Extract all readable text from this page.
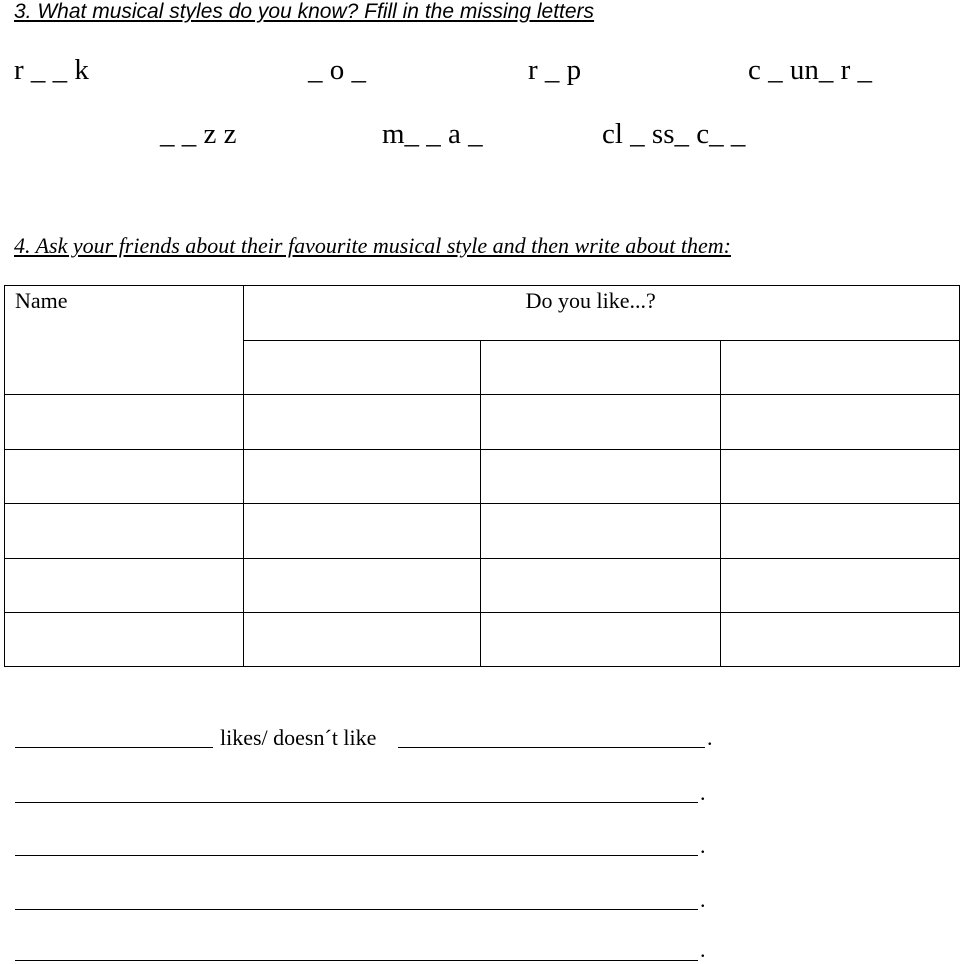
3. What musical styles do you know? Ffill in the missing letters
r _ _ k	_ o _	r _ p	c _ un_ r _
_ _ z z	m_ _ a _	cl _ ss_ c_ _
4. Ask your friends about their favourite musical style and then write about them:
Name	Do you like...?		

likes/ doesn´t like	.
.
.
.
.
